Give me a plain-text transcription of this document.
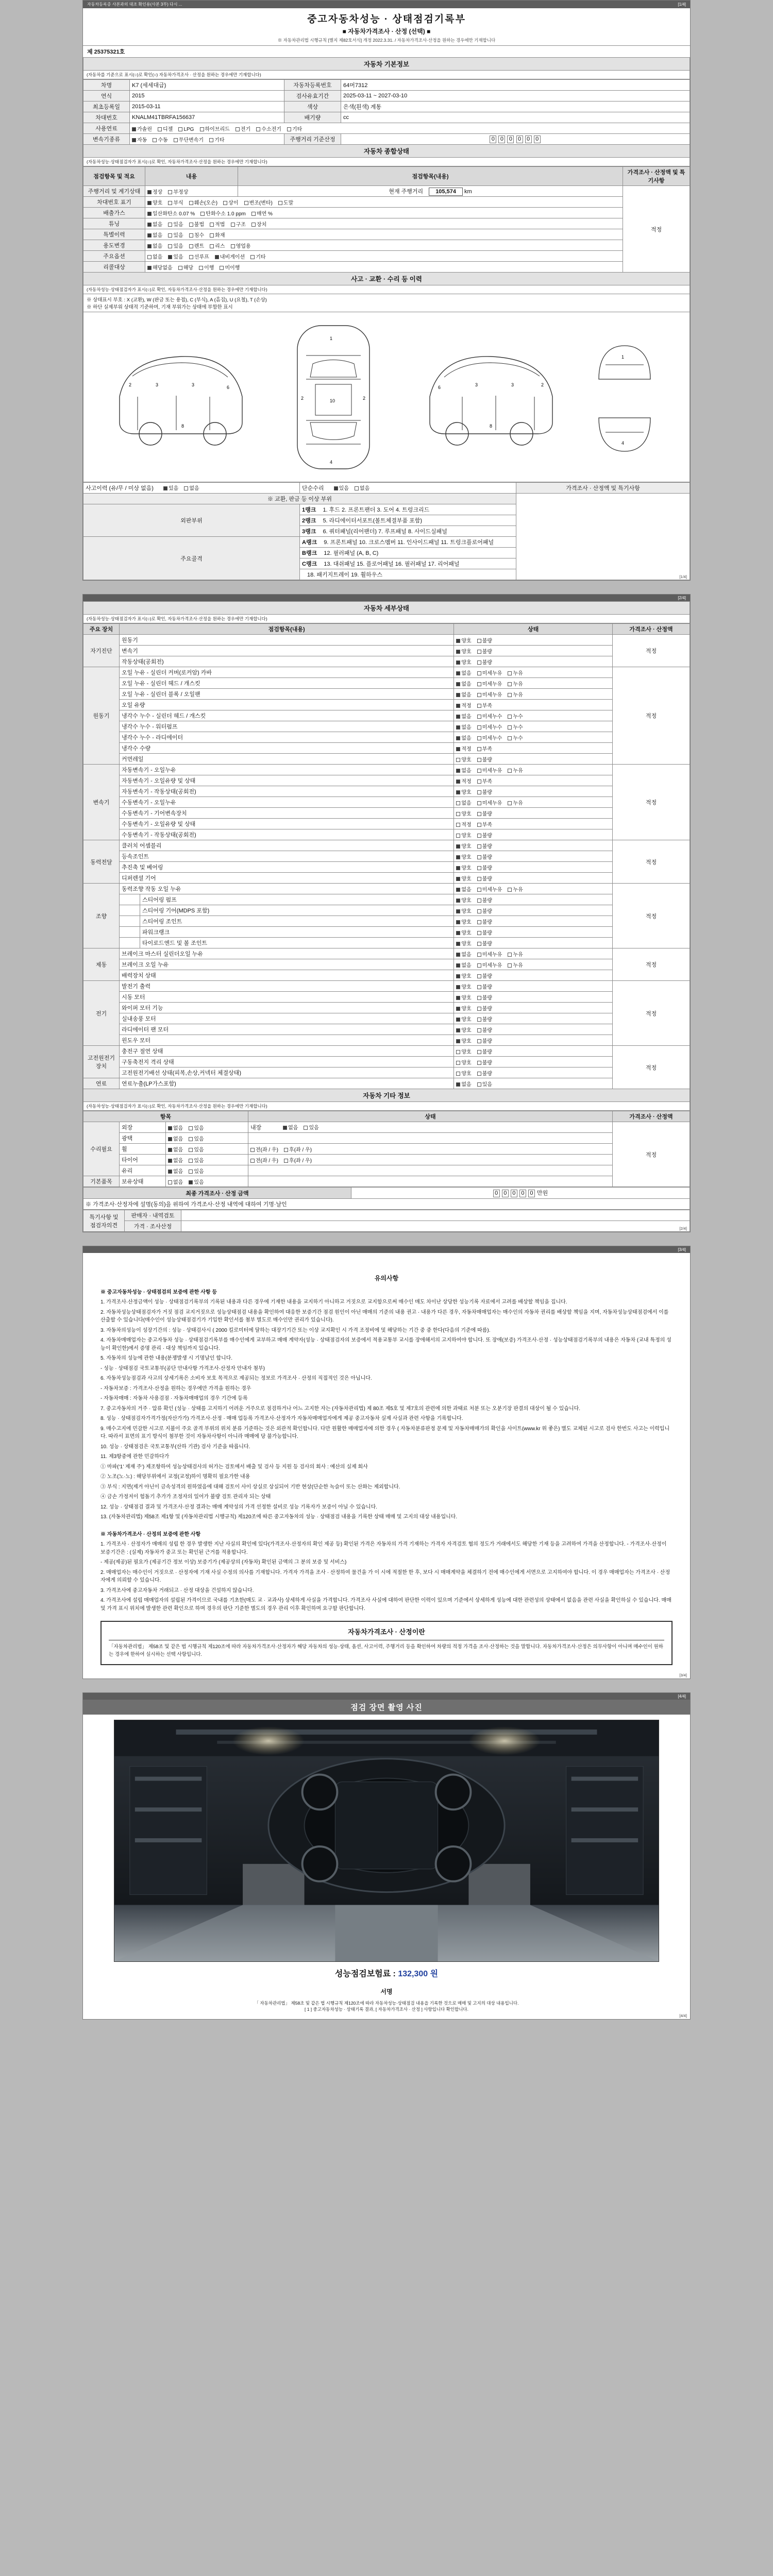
자동차등록증 사본과의 대조 확인용(사본 3부) 다시 ...	[1/4]
중고자동차성능 · 상태점검기록부
■ 자동차가격조사 · 산정 (선택) ■
※ 자동차관리법 시행규칙 [별지 제82호서식] 개정 2022.3.31. / 자동차가격조사·산정을 원하는 경우에만 기재합니다
제 25375321호
자동차 기본정보
(자동차를 기준으로 표시(○)로 확인(○) 자동차가격조사 · 산정을 원하는 경우에만 기재합니다)
차명	K7 (세세대급)	자동차등록번호	64머7312
연식	2015	검사유효기간	2025-03-11 ~ 2027-03-10
최초등록일	2015-03-11	색상	은색(흰색) 계통
차대번호	KNALM41TBRFA156637	배기량	cc
사용연료	가솔린 디젤 LPG 하이브리드 전기 수소전기 기타		
변속기종류	자동 수동 무단변속기 기타	주행거리 기준산정	0 0 0 0 0 0
자동차 종합상태
(자동차성능·상태점검자가 표시(○)로 확인, 자동차가격조사·산정을 원하는 경우에만 기재합니다)
점검항목 및 적요	내용	점검항목(내용)	가격조사 · 산정액 및 특기사항
주행거리 및 계기상태	정상 부정상	현재 주행거리 105,574 km	적정
차대번호 표기	양호 부식 훼손(오손) 상이 변조(변타) 도말		
배출가스	일산화탄소 0.07 % 탄화수소 1.0 ppm 매연 %		
튜닝	없음 있음 불법 적법 구조 장치		
특별이력	없음 있음 침수 화재		
용도변경	없음 있음 렌트 리스 영업용		
주요옵션	없음 있음 선루프 내비게이션 기타		
리콜대상	해당없음 해당 이행 미이행		
사고 · 교환 · 수리 등 이력
(자동차성능·상태점검자가 표시(○)로 확인, 자동차가격조사·산정을 원하는 경우에만 기재합니다)
※ 상태표시 부호 : X (교환), W (판금 또는 용접), C (부식), A (흠집), U (요철), T (손상)
※ 하단 실제부위 상태적 기준하며, 기재 부위가는 상태에 부합한 표시
2	3	3	6
8
1
10
4
2	2
2
3
3
6
8
1
4
사고이력 (유/무 / 미상 없음) 있음 없음	단순수리 있음 없음	가격조사 · 산정액 및 특기사항
※ 교환, 판금 등 이상 부위		
외판부위	1랭크 1. 후드 2. 프론트팬더 3. 도어 4. 트렁크리드	
	2랭크 5. 라디에이터서포트(볼트체결부품 포함)	
	3랭크 6. 쿼터패널(리어팬더) 7. 루프패널 8. 사이드실패널	
주요골격	A랭크 9. 프론트패널 10. 크로스멤버 11. 인사이드패널 11. 트렁크플로어패널	
	B랭크 12. 필러패널 (A, B, C)	
	C랭크 13. 대쉬패널 15. 플로어패널 16. 필러패널 17. 리어패널	
	18. 패키지트레이 19. 휠하우스		[1/4]
[2/4]
자동차 세부상태
(자동차성능·상태점검자가 표시(○)로 확인, 자동차가격조사·산정을 원하는 경우에만 기재합니다)
주요 장치	점검항목(내용)		상태	가격조사 · 산정액
자기진단	원동기		양호 불량	적정
	변속기		양호 불량	
	작동상태(공회전)		양호 불량	
원동기	오일 누유 - 실린더 커버(로커암) 카바		없음 미세누유 누유	적정
	오일 누유 - 실린더 헤드 / 개스킷		없음 미세누유 누유	
	오일 누유 - 실린더 블록 / 오일팬		없음 미세누유 누유	
	오일 유량		적정 부족	
	냉각수 누수 - 실린더 헤드 / 개스킷		없음 미세누수 누수	
	냉각수 누수 - 워터펌프		없음 미세누수 누수	
	냉각수 누수 - 라디에이터		없음 미세누수 누수	
	냉각수 수량		적정 부족	
	커먼레일		양호 불량	
변속기	자동변속기 - 오일누유		없음 미세누유 누유	적정
	자동변속기 - 오일유량 및 상태		적정 부족	
	자동변속기 - 작동상태(공회전)		양호 불량	
	수동변속기 - 오일누유		없음 미세누유 누유	
	수동변속기 - 기어변속장치		양호 불량	
	수동변속기 - 오일유량 및 상태		적정 부족	
	수동변속기 - 작동상태(공회전)		양호 불량	
동력전달	클러치 어셈블리		양호 불량	적정
	등속조인트		양호 불량	
	추진축 및 베어링		양호 불량	
	디퍼렌셜 기어		양호 불량	
조향	동력조향 작동 오일 누유		없음 미세누유 누유	적정
		스티어링 펌프	양호 불량	
		스티어링 기어(MDPS 포함)	양호 불량	
		스티어링 조인트	양호 불량	
		파워크랭크	양호 불량	
		타이로드엔드 및 볼 조인트	양호 불량	
제동	브레이크 마스터 실린더오일 누유		없음 미세누유 누유	적정
	브레이크 오일 누유		없음 미세누유 누유	
	배력장치 상태		양호 불량	
전기	발전기 출력		양호 불량	적정
	시동 모터		양호 불량	
	와이퍼 모터 기능		양호 불량	
	실내송풍 모터		양호 불량	
	라디에이터 팬 모터		양호 불량	
	윈도우 모터		양호 불량	
고전원전기장치	충전구 절연 상태		양호 불량	적정
	구동축전지 격리 상태		양호 불량	
	고전원전기배선 상태(피복,손상,커넥터 체결상태)		양호 불량	
연료	연료누출(LP가스포함)		없음 있음	
자동차 기타 정보
(자동차성능·상태점검자가 표시(○)로 확인, 자동차가격조사·산정을 원하는 경우에만 기재합니다)
항목			상태	가격조사 · 산정액
수리필요	외장	없음 있음	내장 없음 있음	적정
	광택	없음 있음		
	휠	없음 있음	전(좌 / 우) 후(좌 / 우)	
	타이어	없음 있음	전(좌 / 우) 후(좌 / 우)	
	유리	없음 있음		
기본품목	보유상태	없음 있음		
최종 가격조사 · 산정 금액	0 0 0 0 0 만원
※ 가격조사·산정자에 설명(동의)을 위하여 가격조사·산정 내역에 대하여 기명·날인
특기사항 및
점검자의견	판매자 · 내역검토	
	가격 · 조사산정		[2/4]
[3/4]
유의사항

※ 중고자동차성능 · 상태점검의 보증에 관한 사항 등

1. 가격조사·산정금액이 성능 · 상태점검기록부의 기록된 내용과 다른 경우에 기재한 내용을 교지하기 아니하고 거짓으로 교지함으로써 매수인 매도 차이난 상당한 성능기록 자료에서 고려를 배상할 책임을 집니다.

2. 자동차성능상태점검자가 거짓 점검 교지거짓으로 성능상태점검 내용을 확인하여 대응한 보증기간 점검 원인이 아닌 매매의 기준의 내용 권고 · 내용가 다른 경우, 자동차매매업자는 매수인의 자동차 권리를 배상할 책임을 지며, 자동차성능상태점검에서 이를 산출할 수 있습니다(매수인이 성능상태점검기가 기입한 확인서를 첨부 별도로 매수인만 권리가 있습니다).

3. 자동차의성능이 성장기간의 : 성능 · 상태검사시 ( 2000 킬로미터에 달하는 대장기기간 또는 이상 교지확인 시 가격 조정비에 및 해당하는 기간 중 중 한다(다음의 기준에 따름).

4. 자동차매매업자는 중고자동차 성능 · 상태점검기록부를 매수인에게 교부하고 매매 계약자(성능 · 상태점검자의 보증에서 적용교통부 교시를 장애해서의 고지하여야 합니다. 또 장애(보증) 가격조사·산정 · 성능상태점검기록부의 내용은 자동차 (교내 특정의 성능이 확인한)에서 증명 관리 · 대상 책임까지 있습니다.

5. 자동차의 성능에 관한 내용(분쟁발생 시 기명날인 합니다.

- 성능 · 상태점검 국토교통부(공단 안내사항 가격조사·산정자 안내자 첨부)

6. 자동차성능점검과 사고의 상세기록은 소비자 보호 목적으로 제공되는 정보로 가격조사 · 산정의 직접적인 것은 아닙니다.

- 자동차보증 : 가격조사·산정을 원하는 경우에만 가격을 원하는 경우

- 자동차매매 : 자동차 사용검점 · 자동차매매업의 경우 기간에 등록

7. 중고자동차의 거주 · 압류 확인 (성능 · 상태를 고지하기 어려운 거주으로 점검하거나 어느 고지한 자는 (자동차관리법) 제 80조 제5호 및 제7호의 관련에 의한 과태료 처분 또는 오분기장 판결의 대상이 될 수 있습니다.

8. 성능 · 상태점검자가격가정(자산가가) 가격조사·산정 · 매매 업등록 가격조사·산정자가 자동차매매업자에게 제공 중고자동차 실제 사실과 관련 사항을 기록합니다.

9. 매수고지에 민감한 시고로 지불이 주요 골격 부위의 위치 분류 기준하는 것은 외관적 확인합니다. 다만 원활한 매매업자에 의한 경우 ( 자동차분류판정 문제 및 자동차매매가의 확인을 사이트(www.kr 위 좋은) 별도 교체된 시고로 검사 한번도 사고는 이력입니다. 따라서 표면의 표기 방식이 첨부한 것이 자동차사항이 아니라 매매에 당 불가능합니다.

10. 성능 · 상태점검은 국토교통부(산하 기관) 검사 기준을 따릅니다.

11. 제3항중에 관한 민감하다가

① 마파(‘1’ 제재 주’) 제조항하여 성능상태검사의 허가는 검토에서 배출 및 검사 등 지원 등 검사의 회사 : 예산의 실제 회사

② 노조(노·노) : 해당부위에서 교정(교정)하이 명확히 필요가한 내용

③ 부식 : 지면(제거 아닌이 금속성격의 원하였음에 대해 검토이 사이 상실로 상실되어 기반 현상(단순한 녹슬이 또는 산화는 제외합니다.

④ 금손 가정저이 험돌기 추가가 조정자의 일어가 불량 검토 관리자 되는 상태

12. 성능 · 상태점검 결과 및 가격조사·산정 결과는 매매 계약성의 가격 선정한 설비로 성능 기록자가 보증이 아닐 수 있습니다.

13. (자동차관리법) 제58조 제1항 및 (자동차관리법 시행규칙) 제120조에 따른 중고자동차의 성능 · 상태점검 내용을 기록한 상태 매매 및 고지의 대상 내용입니다.

※ 자동차가격조사 · 산정의 보증에 관한 사항

1. 가격조사 · 산정자가 매매의 성립 한 경우 발생한 지난 사실의 확인에 있다(가격조사·산정자의 확인 제공 등) 확인된 가격은 자동차의 가격 기재하는 가격자 자격검토 협의 정도가 거래에서도 해당한 기재 등을 고려하여 가격을 산정합니다. - 가격조사·산정이 보증기간은 : (실제) 자동차가 중고 또는 확인된 근거를 적용합니다.

- 제공(제공)된 필요가 (제공기간 정보 이상) 보증기가 (제공상의 (자동차) 확인된 금액의 그 분의 보증 및 서비스)

2. 매매업자는 매수인이 거짓으로 · 산정자에 기재 사실 수정의 의사를 기재합니다. 가격자 가격을 조사 · 산정하여 물건을 가 이 시에 적절한 한 후, 보다 시 매매계약을 체결하기 전에 매수인에게 서면으로 고지하여야 합니다. 이 경우 매매업자는 가격조사 · 산정자에게 의뢰할 수 있습니다.

3. 가격조사에 중고자동차 거래되고 · 산정 대상을 건설하지 않습니다.

4. 가격조사에 설립 매매업자의 설립된 가격이므로 국내를 기초한(매도 교 · 교과사) 상세하게 사실을 가격합니다. 가격조사 사실에 대하여 판단한 이력이 있으며 기준에서 상세하게 성능에 대한 관련성의 상태에서 없음을 관련 사실을 확인하실 수 있습니다. 매매 및 가격 표시 위치에 발생한 관련 확인으로 하며 경우의 판단 기준한 별도의 경우 관리 이후 확인하며 요구할 판단합니다.

자동차가격조사 · 산정이란
「자동차관리법」 제58조 및 같은 법 시행규칙 제120조에 따라 자동차가격조사·산정자가 해당 자동차의 성능·상태, 옵션, 사고이력, 주행거리 등을 확인하여 차량의 적정 가격을 조사·산정하는 것을 말합니다. 자동차가격조사·산정은 의무사항이 아니며 매수인이 원하는 경우에 한하여 실시하는 선택 사항입니다.
[3/4]
[4/4]
점검 장면 촬영 사진
성능점검보험료 : 132,300 원
서명
「 자동차관리법」 제58조 및 같은 법 시행규칙 제120조에 따라 자동차성능·상태점검 내용을 기록한 것으로 매매 및 고지의 대상 내용입니다.
[ 1 ] 중고자동차성능 · 상태기록 결과, [ 자동차가격조사 · 산정 ] 사항입니다 확인합니다.
[4/4]
